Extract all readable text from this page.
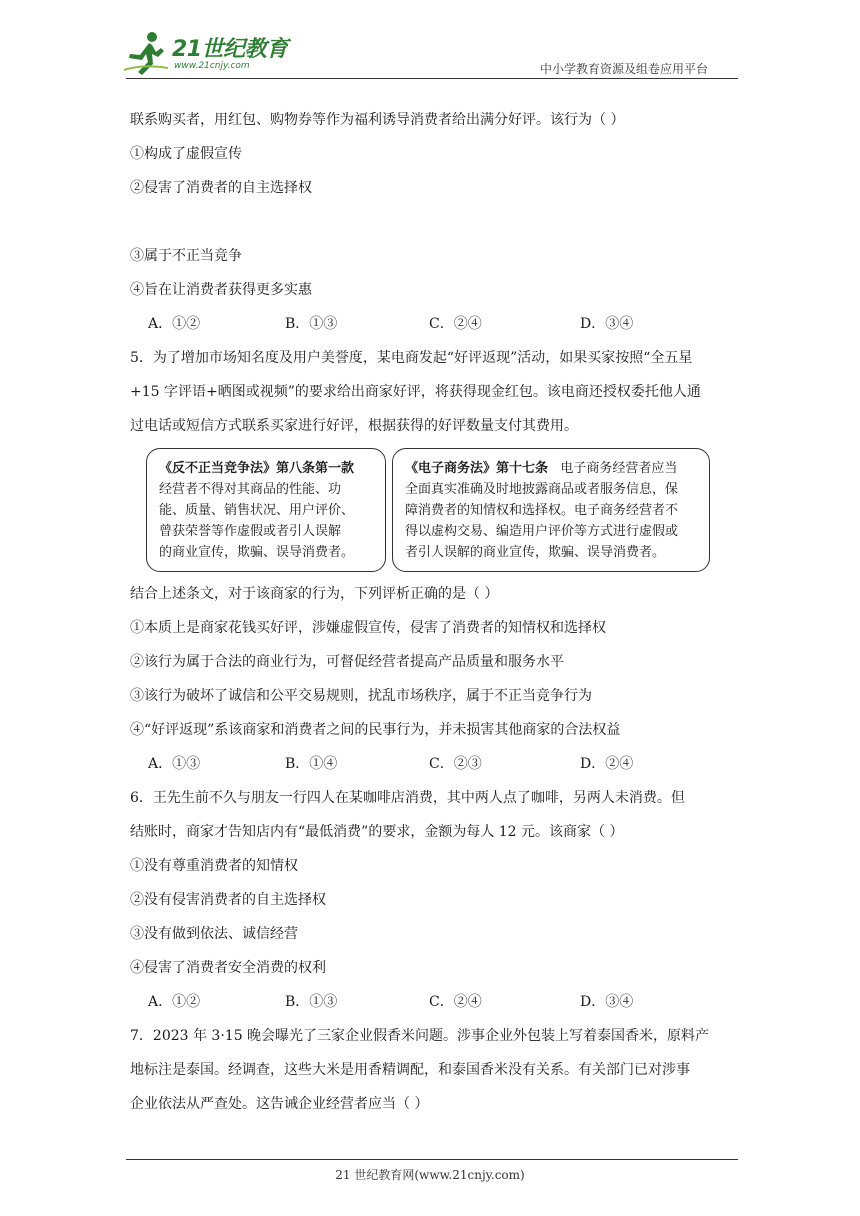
21世纪教育
www.21cnjy.com	中小学教育资源及组卷应用平台
联系购买者，用红包、购物券等作为福利诱导消费者给出满分好评。该行为（ ）
①构成了虚假宣传
②侵害了消费者的自主选择权
③属于不正当竞争
④旨在让消费者获得更多实惠
A．①②	B．①③	C．②④	D．③④
5．为了增加市场知名度及用户美誉度，某电商发起“好评返现”活动，如果买家按照“全五星
+15 字评语+晒图或视频”的要求给出商家好评，将获得现金红包。该电商还授权委托他人通
过电话或短信方式联系买家进行好评，根据获得的好评数量支付其费用。
《反不正当竞争法》第八条第一款
经营者不得对其商品的性能、功
能、质量、销售状况、用户评价、
曾获荣誉等作虚假或者引人误解
的商业宣传，欺骗、误导消费者。
《电子商务法》第十七条 电子商务经营者应当
全面真实准确及时地披露商品或者服务信息，保
障消费者的知情权和选择权。电子商务经营者不
得以虚构交易、编造用户评价等方式进行虚假或
者引人误解的商业宣传，欺骗、误导消费者。
结合上述条文，对于该商家的行为，下列评析正确的是（ ）
①本质上是商家花钱买好评，涉嫌虚假宣传，侵害了消费者的知情权和选择权
②该行为属于合法的商业行为，可督促经营者提高产品质量和服务水平
③该行为破坏了诚信和公平交易规则，扰乱市场秩序，属于不正当竞争行为
④“好评返现”系该商家和消费者之间的民事行为，并未损害其他商家的合法权益
A．①③	B．①④	C．②③	D．②④
6．王先生前不久与朋友一行四人在某咖啡店消费，其中两人点了咖啡，另两人未消费。但
结账时，商家才告知店内有“最低消费”的要求，金额为每人 12 元。该商家（ ）
①没有尊重消费者的知情权
②没有侵害消费者的自主选择权
③没有做到依法、诚信经营
④侵害了消费者安全消费的权利
A．①②	B．①③	C．②④	D．③④
7．2023 年 3·15 晚会曝光了三家企业假香米问题。涉事企业外包装上写着泰国香米，原料产
地标注是泰国。经调查，这些大米是用香精调配，和泰国香米没有关系。有关部门已对涉事
企业依法从严查处。这告诫企业经营者应当（ ）
21 世纪教育网(www.21cnjy.com)
